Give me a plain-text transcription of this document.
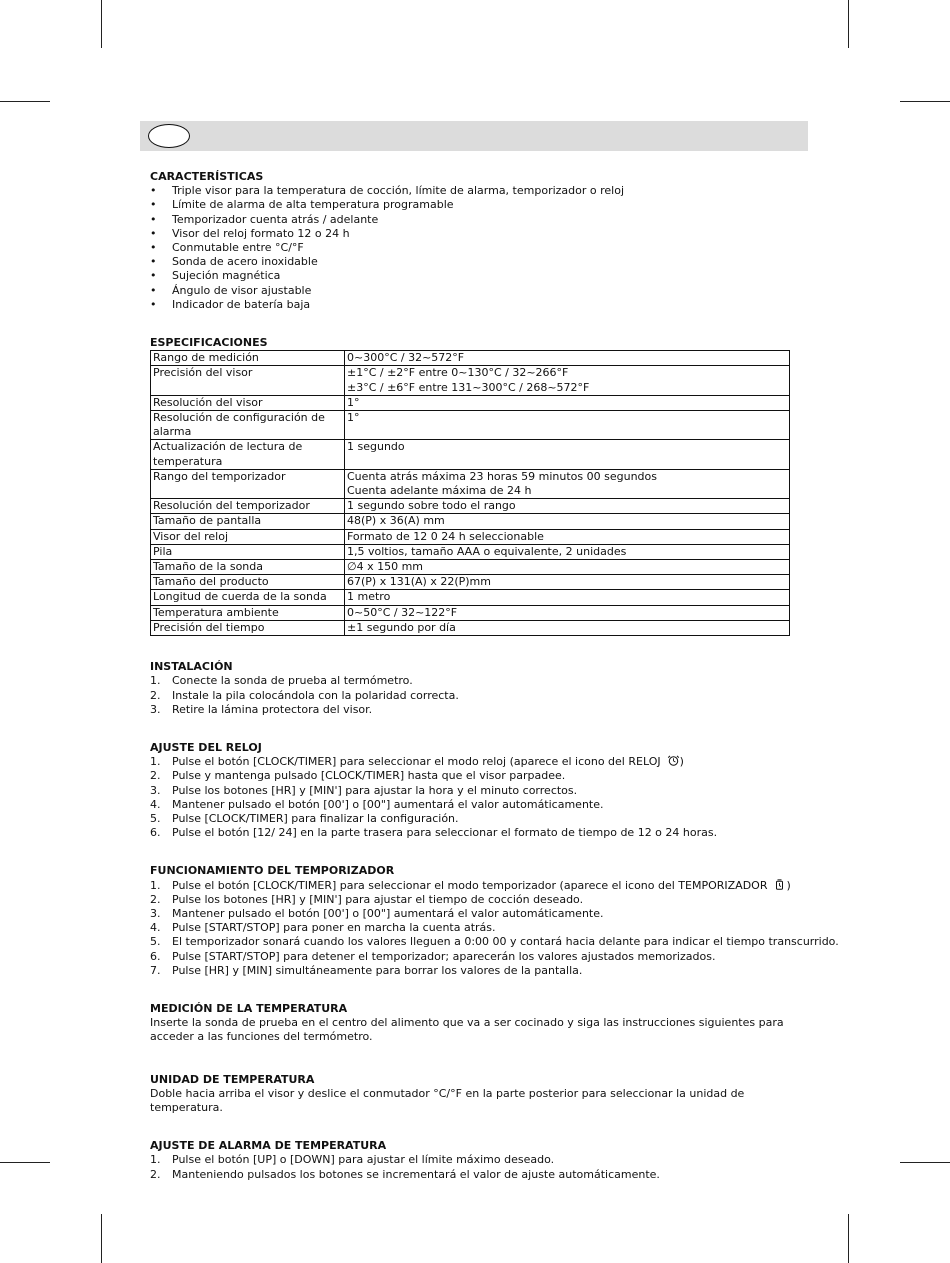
CARACTERÍSTICAS

•	Triple visor para la temperatura de cocción, límite de alarma, temporizador o reloj
•	Límite de alarma de alta temperatura programable
•	Temporizador cuenta atrás / adelante
•	Visor del reloj formato 12 o 24 h
•	Conmutable entre °C/°F
•	Sonda de acero inoxidable
•	Sujeción magnética
•	Ángulo de visor ajustable
•	Indicador de batería baja

ESPECIFICACIONES

Rango de medición	0~300°C / 32~572°F
Precisión del visor	±1°C / ±2°F entre 0~130°C / 32~266°F
±3°C / ±6°F entre 131~300°C / 268~572°F
Resolución del visor	1°
Resolución de configuración de alarma	1°
Actualización de lectura de temperatura	1 segundo
Rango del temporizador	Cuenta atrás máxima 23 horas 59 minutos 00 segundos
Cuenta adelante máxima de 24 h
Resolución del temporizador	1 segundo sobre todo el rango
Tamaño de pantalla	48(P) x 36(A) mm
Visor del reloj	Formato de 12 0 24 h seleccionable
Pila	1,5 voltios, tamaño AAA o equivalente, 2 unidades
Tamaño de la sonda	∅4 x 150 mm
Tamaño del producto	67(P) x 131(A) x 22(P)mm
Longitud de cuerda de la sonda	1 metro
Temperatura ambiente	0~50°C / 32~122°F
Precisión del tiempo	±1 segundo por día

INSTALACIÓN

1.	Conecte la sonda de prueba al termómetro.
2.	Instale la pila colocándola con la polaridad correcta.
3.	Retire la lámina protectora del visor.

AJUSTE DEL RELOJ

1.	Pulse el botón [CLOCK/TIMER] para seleccionar el modo reloj (aparece el icono del RELOJ )
2.	Pulse y mantenga pulsado [CLOCK/TIMER] hasta que el visor parpadee.
3.	Pulse los botones [HR] y [MIN'] para ajustar la hora y el minuto correctos.
4.	Mantener pulsado el botón [00'] o [00"] aumentará el valor automáticamente.
5.	Pulse [CLOCK/TIMER] para finalizar la configuración.
6.	Pulse el botón [12/ 24] en la parte trasera para seleccionar el formato de tiempo de 12 o 24 horas.

FUNCIONAMIENTO DEL TEMPORIZADOR

1.	Pulse el botón [CLOCK/TIMER] para seleccionar el modo temporizador (aparece el icono del TEMPORIZADOR )
2.	Pulse los botones [HR] y [MIN'] para ajustar el tiempo de cocción deseado.
3.	Mantener pulsado el botón [00'] o [00"] aumentará el valor automáticamente.
4.	Pulse [START/STOP] para poner en marcha la cuenta atrás.
5.	El temporizador sonará cuando los valores lleguen a 0:00 00 y contará hacia delante para indicar el tiempo transcurrido.
6.	Pulse [START/STOP] para detener el temporizador; aparecerán los valores ajustados memorizados.
7.	Pulse [HR] y [MIN] simultáneamente para borrar los valores de la pantalla.

MEDICIÓN DE LA TEMPERATURA

Inserte la sonda de prueba en el centro del alimento que va a ser cocinado y siga las instrucciones siguientes para acceder a las funciones del termómetro.

UNIDAD DE TEMPERATURA

Doble hacia arriba el visor y deslice el conmutador °C/°F en la parte posterior para seleccionar la unidad de temperatura.

AJUSTE DE ALARMA DE TEMPERATURA

1.	Pulse el botón [UP] o [DOWN] para ajustar el límite máximo deseado.
2.	Manteniendo pulsados los botones se incrementará el valor de ajuste automáticamente.
